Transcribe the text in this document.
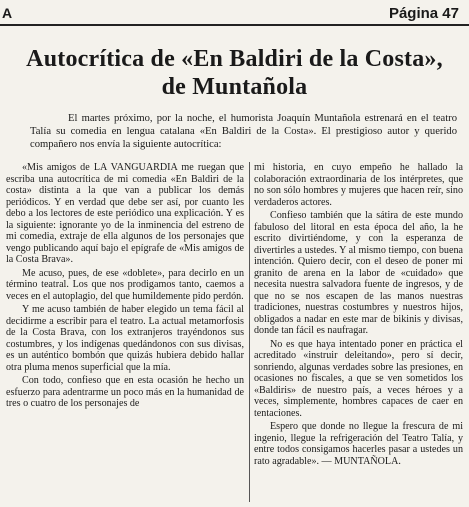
A	Página 47
Autocrítica de «En Baldiri de la Costa»,
de Muntañola
El martes próximo, por la noche, el humorista Joaquín Muntañola estrenará en el teatro Talía su comedia en lengua catalana «En Baldiri de la Costa». El prestigioso autor y querido compañero nos envía la siguiente autocrítica:

«Mis amigos de LA VANGUARDIA me ruegan que escriba una autocrítica de mi comedia «En Baldiri de la costa» distinta a la que van a publicar los demás periódicos. Y en verdad que debe ser así, por cuanto les debo a los lectores de este periódico una explicación. Y es la siguiente: ignorante yo de la inminencia del estreno de mi comedia, extraje de ella algunos de los personajes que vengo publicando aquí bajo el epígrafe de «Mis amigos de la Costa Brava».

Me acuso, pues, de ese «doblete», para decirlo en un término teatral. Los que nos prodigamos tanto, caemos a veces en el autoplagio, del que humildemente pido perdón.

Y me acuso también de haber elegido un tema fácil al decidirme a escribir para el teatro. La actual metamorfosis de la Costa Brava, con los extranjeros trayéndonos sus costumbres, y los indígenas quedándonos con sus divisas, es un auténtico bombón que quizás hubiera debido hallar otra pluma menos superficial que la mía.

Con todo, confieso que en esta ocasión he hecho un esfuerzo para adentrarme un poco más en la humanidad de tres o cuatro de los personajes de

mi historia, en cuyo empeño he hallado la colaboración extraordinaria de los intérpretes, que no son sólo hombres y mujeres que hacen reír, sino verdaderos actores.

Confieso también que la sátira de este mundo fabuloso del litoral en esta época del año, la he escrito divirtiéndome, y con la esperanza de divertirles a ustedes. Y al mismo tiempo, con buena intención. Quiero decir, con el deseo de poner mi granito de arena en la labor de «cuidado» que necesita nuestra salvadora fuente de ingresos, y de que no se nos escapen de las manos nuestras tradiciones, nuestras costumbres y nuestros hijos, obligados a nadar en este mar de bikinis y divisas, donde tan fácil es naufragar.

No es que haya intentado poner en práctica el acreditado «instruir deleitando», pero sí decir, sonriendo, algunas verdades sobre las presiones, en ocasiones no fiscales, a que se ven sometidos los «Baldiris» de nuestro país, a veces héroes y a veces, simplemente, hombres capaces de caer en tentaciones.

Espero que donde no llegue la frescura de mi ingenio, llegue la refrigeración del Teatro Talía, y entre todos consigamos hacerles pasar a ustedes un rato agradable». — MUNTAÑOLA.
